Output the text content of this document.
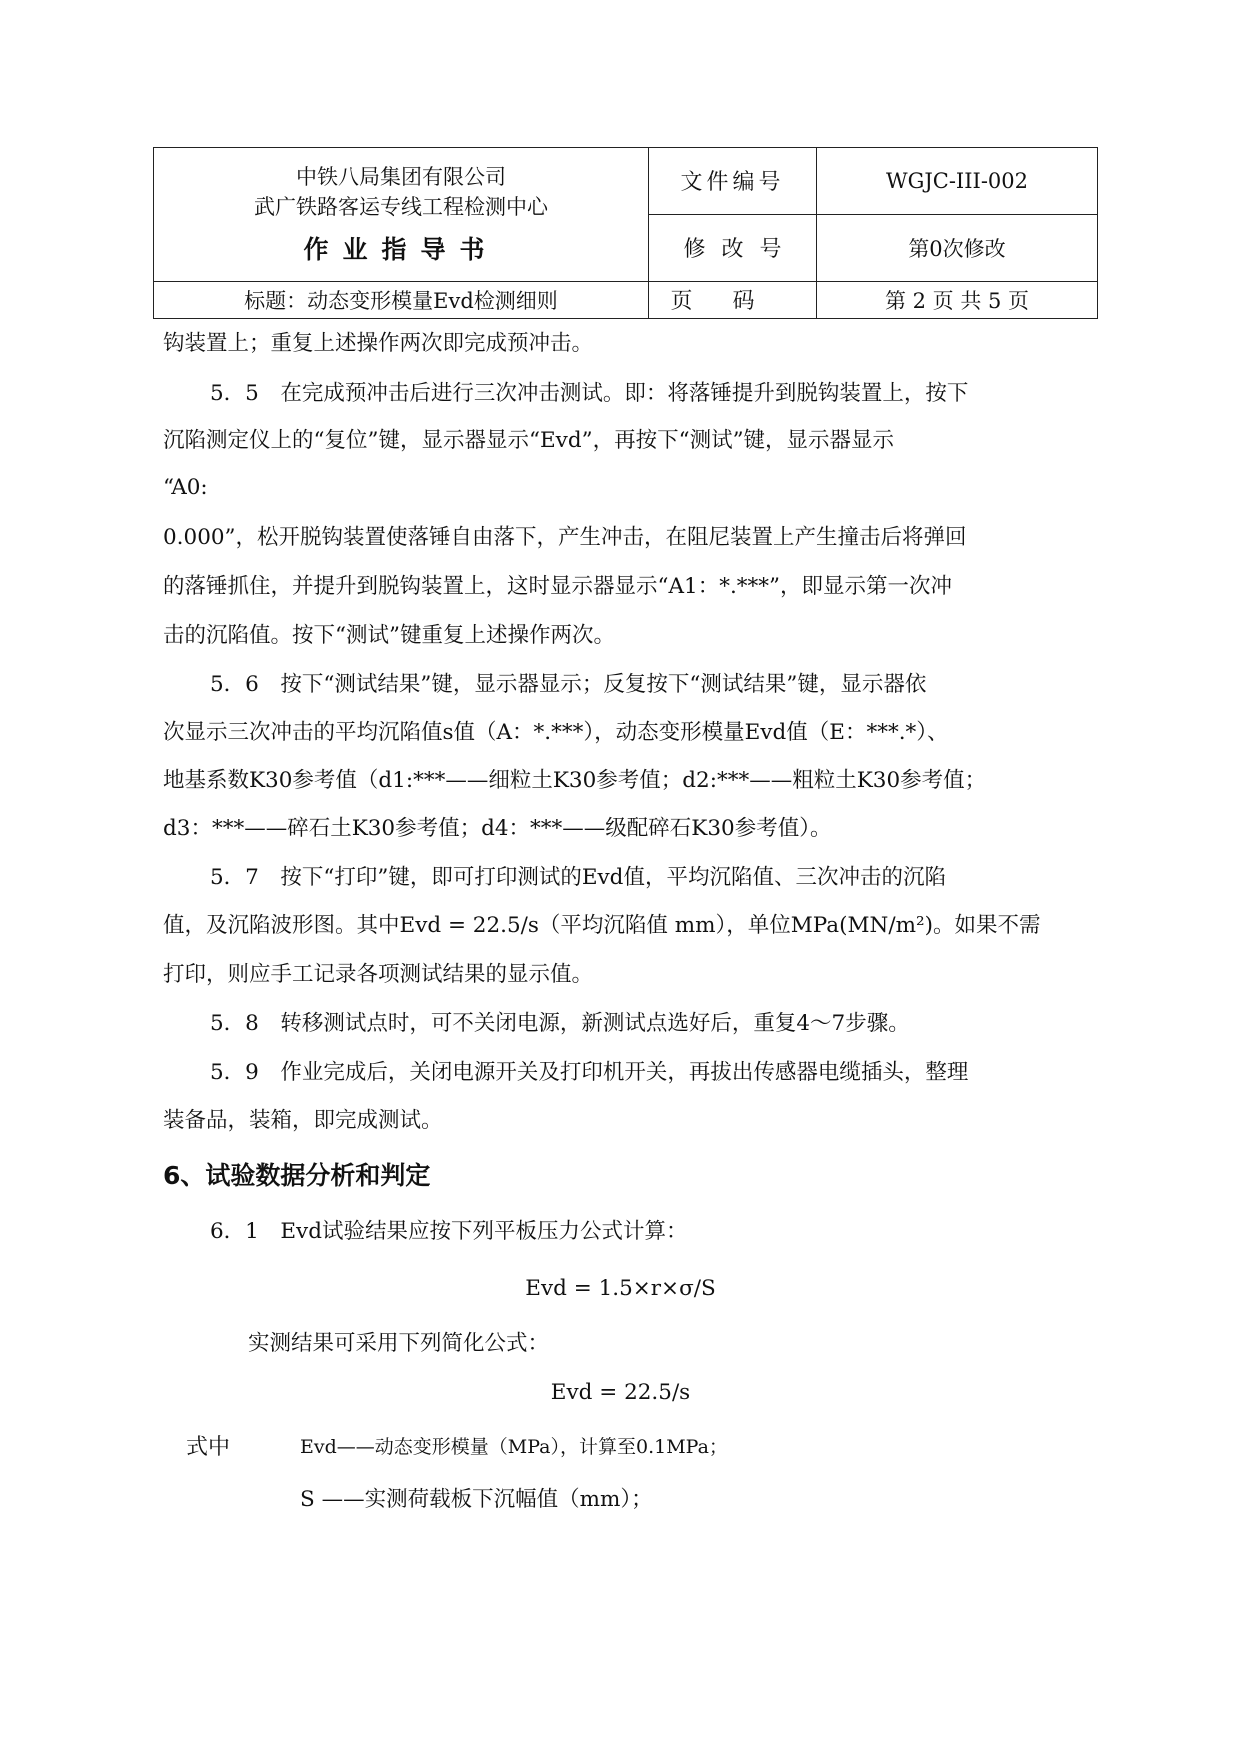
中铁八局集团有限公司
武广铁路客运专线工程检测中心
作业指导书	文件编号	WGJC-III-002
	修改号	第0次修改
标题：动态变形模量Evd检测细则	页码	第 2 页 共 5 页
钩装置上；重复上述操作两次即完成预冲击。
5．5　在完成预冲击后进行三次冲击测试。即：将落锤提升到脱钩装置上，按下
沉陷测定仪上的“复位”键，显示器显示“Evd”，再按下“测试”键，显示器显示
“A0:
0.000”，松开脱钩装置使落锤自由落下，产生冲击，在阻尼装置上产生撞击后将弹回
的落锤抓住，并提升到脱钩装置上，这时显示器显示“A1：*.***”，即显示第一次冲
击的沉陷值。按下“测试”键重复上述操作两次。
5．6　按下“测试结果”键，显示器显示；反复按下“测试结果”键，显示器依
次显示三次冲击的平均沉陷值s值（A：*.***），动态变形模量Evd值（E：***.*）、
地基系数K30参考值（d1:***——细粒土K30参考值；d2:***——粗粒土K30参考值；
d3：***——碎石土K30参考值；d4：***——级配碎石K30参考值）。
5．7　按下“打印”键，即可打印测试的Evd值，平均沉陷值、三次冲击的沉陷
值，及沉陷波形图。其中Evd = 22.5/s（平均沉陷值 mm），单位MPa(MN/m²)。如果不需
打印，则应手工记录各项测试结果的显示值。
5．8　转移测试点时，可不关闭电源，新测试点选好后，重复4～7步骤。
5．9　作业完成后，关闭电源开关及打印机开关，再拔出传感器电缆插头，整理
装备品，装箱，即完成测试。
6、试验数据分析和判定
6．1　Evd试验结果应按下列平板压力公式计算：
Evd = 1.5×r×σ/S
实测结果可采用下列简化公式：
Evd = 22.5/s
式中	Evd——动态变形模量（MPa），计算至0.1MPa；
S ——实测荷载板下沉幅值（mm）；
